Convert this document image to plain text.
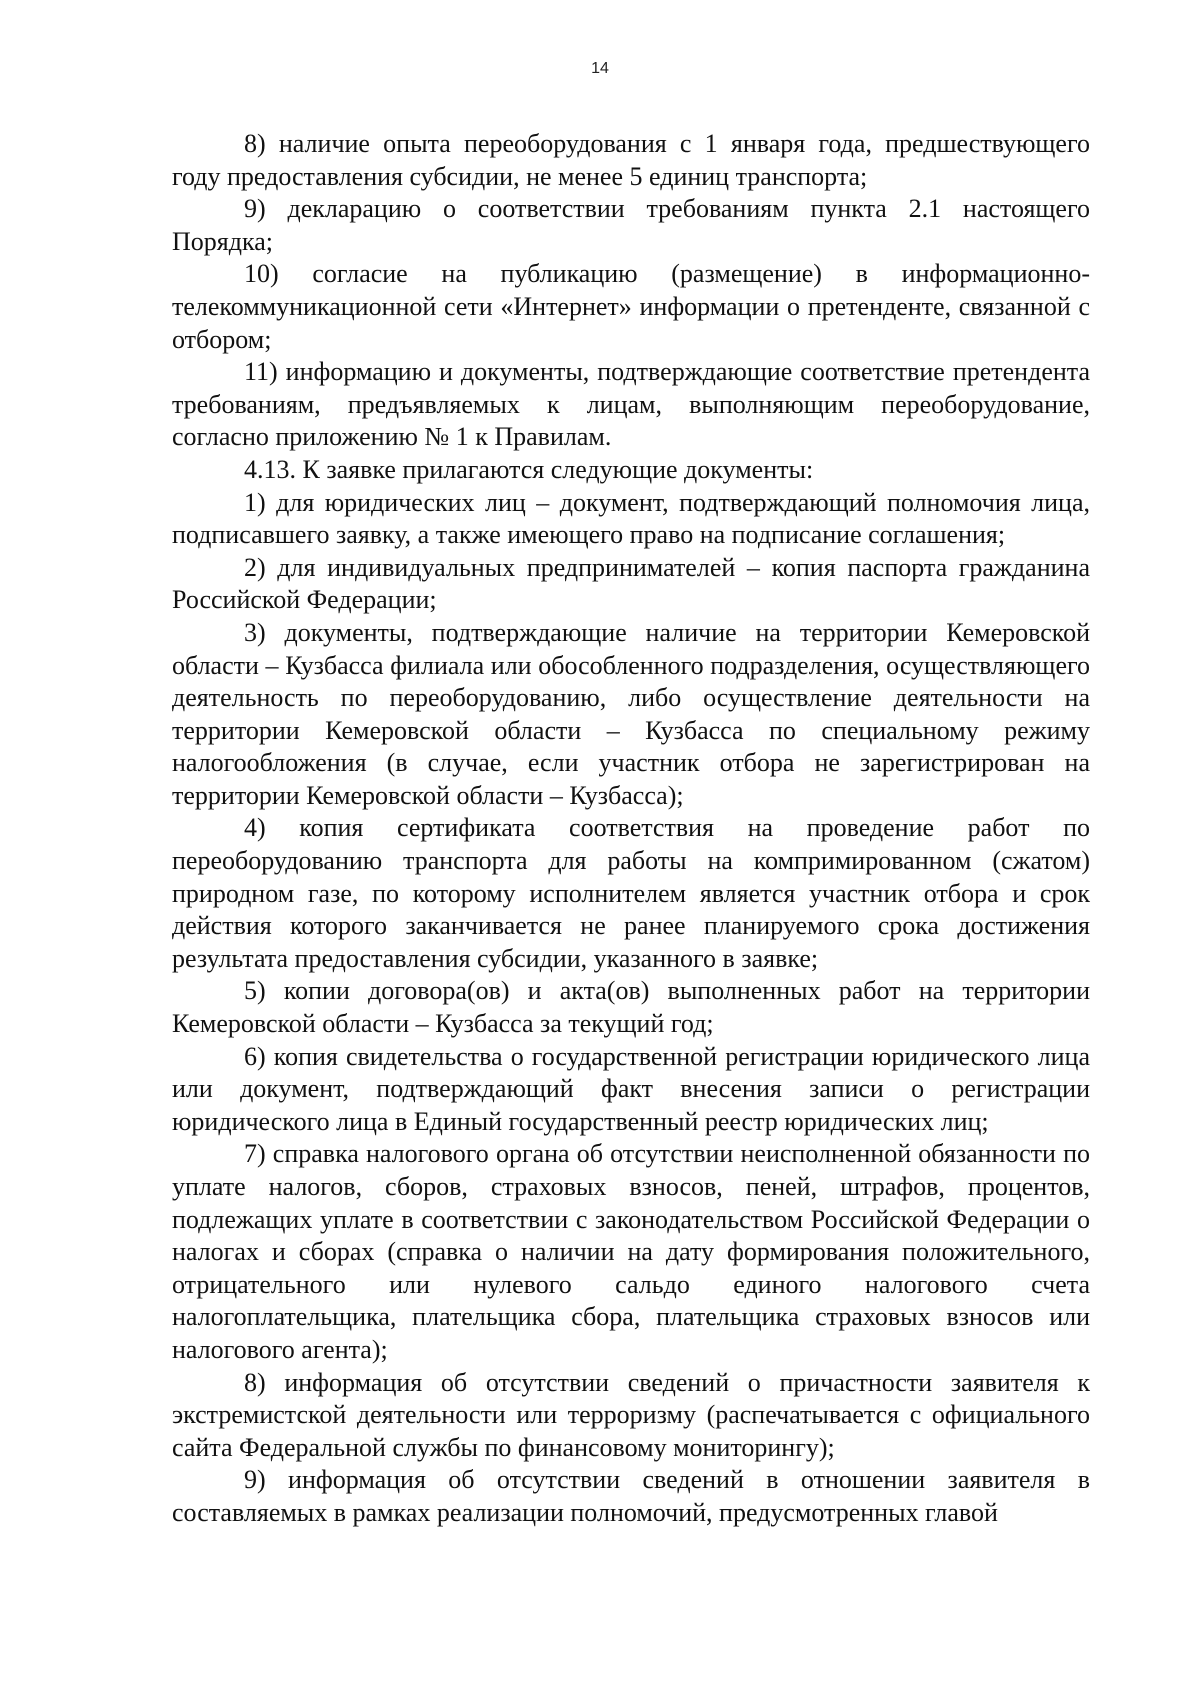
14

8) наличие опыта переоборудования с 1 января года, предшествующего году предоставления субсидии, не менее 5 единиц транспорта;

9) декларацию о соответствии требованиям пункта 2.1 настоящего Порядка;

10) согласие на публикацию (размещение) в информационно-телекоммуникационной сети «Интернет» информации о претенденте, связанной с отбором;

11) информацию и документы, подтверждающие соответствие претендента требованиям, предъявляемых к лицам, выполняющим переоборудование, согласно приложению № 1 к Правилам.

4.13. К заявке прилагаются следующие документы:

1) для юридических лиц – документ, подтверждающий полномочия лица, подписавшего заявку, а также имеющего право на подписание соглашения;

2) для индивидуальных предпринимателей – копия паспорта гражданина Российской Федерации;

3) документы, подтверждающие наличие на территории Кемеровской области – Кузбасса филиала или обособленного подразделения, осуществляющего деятельность по переоборудованию, либо осуществление деятельности на территории Кемеровской области – Кузбасса по специальному режиму налогообложения (в случае, если участник отбора не зарегистрирован на территории Кемеровской области – Кузбасса);

4) копия сертификата соответствия на проведение работ по переоборудованию транспорта для работы на компримированном (сжатом) природном газе, по которому исполнителем является участник отбора и срок действия которого заканчивается не ранее планируемого срока достижения результата предоставления субсидии, указанного в заявке;

5) копии договора(ов) и акта(ов) выполненных работ на территории Кемеровской области – Кузбасса за текущий год;

6) копия свидетельства о государственной регистрации юридического лица или документ, подтверждающий факт внесения записи о регистрации юридического лица в Единый государственный реестр юридических лиц;

7) справка налогового органа об отсутствии неисполненной обязанности по уплате налогов, сборов, страховых взносов, пеней, штрафов, процентов, подлежащих уплате в соответствии с законодательством Российской Федерации о налогах и сборах (справка о наличии на дату формирования положительного, отрицательного или нулевого сальдо единого налогового счета налогоплательщика, плательщика сбора, плательщика страховых взносов или налогового агента);

8) информация об отсутствии сведений о причастности заявителя к экстремистской деятельности или терроризму (распечатывается с официального сайта Федеральной службы по финансовому мониторингу);

9) информация об отсутствии сведений в отношении заявителя в составляемых в рамках реализации полномочий, предусмотренных главой
